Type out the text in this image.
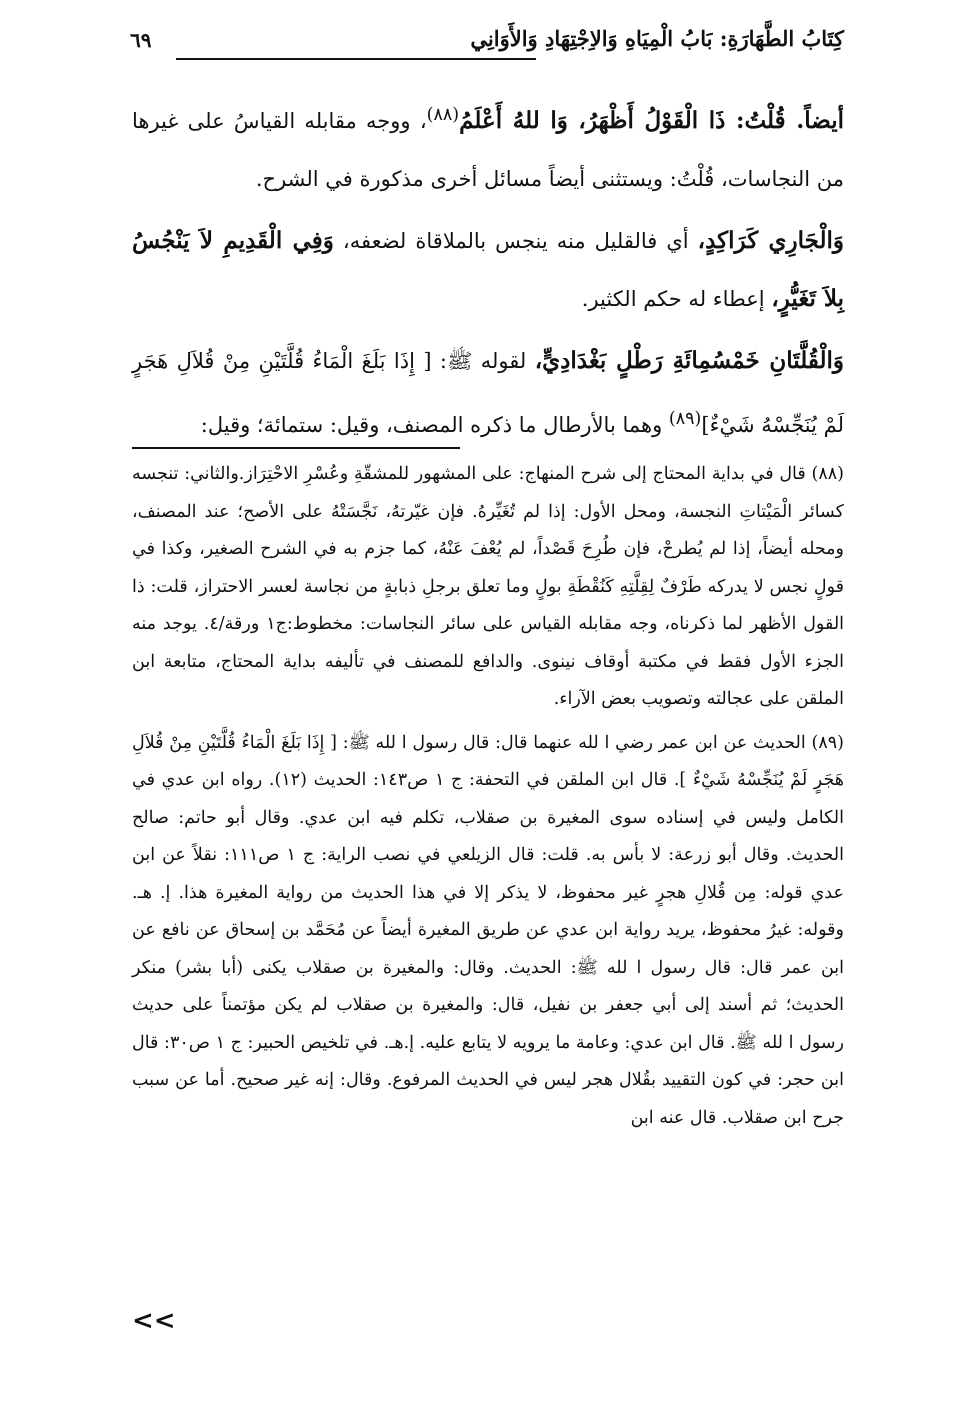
كِتَابُ الطَّهَارَةِ: بَابُ الْمِيَاهِ وَالاِجْتِهَادِ وَالأَوَانِي
٦٩

أيضاً. قُلْتُ: ذَا الْقَوْلُ أَظْهَرُ، وَا للهُ أَعْلَمُ$^{(٨٨)}$، ووجه مقابله القياسُ على غيرها من النجاسات، قُلْتُ: ويستثنى أيضاً مسائل أخرى مذكورة في الشرح.

وَالْجَارِي كَرَاكِدٍ، أي فالقليل منه ينجس بالملاقاة لضعفه، وَفِي الْقَدِيمِ لاَ يَنْجُسُ بِلاَ تَغَيُّرٍ، إعطاء له حكم الكثير.

وَالْقُلَّتَانِ خَمْسُمِائَةِ رَطْلٍ بَغْدَادِيٍّ، لقوله ﷺ: [ إِذَا بَلَغَ الْمَاءُ قُلَّتَيْنِ مِنْ قُلاَلِ هَجَرٍ لَمْ يُنَجِّسْهُ شَيْءٌ]$^{(٨٩)}$ وهما بالأرطال ما ذكره المصنف، وقيل: ستمائة؛ وقيل:

(٨٨) قال في بداية المحتاج إلى شرح المنهاج: على المشهور للمشقّةِ وعُسْرِ الاحْتِرَاز.والثاني: تنجسه كسائر الْمَيْتاتِ النجسة، ومحل الأول: إذا لم تُغَيِّرهُ. فإن غيّرتهُ، نَجَّسَتْهُ على الأصح؛ عند المصنف، ومحله أيضاً، إذا لم يُطرحْ، فإن طُرِحَ قَصْداً، لم يُعْفَ عَنْهُ، كما جزم به في الشرح الصغير، وكذا في قولٍ نجس لا يدركه طَرْفٌ لِقِلَّتِهِ كَنُقْطَةِ بولٍ وما تعلق برجلِ ذبابةٍ من نجاسة لعسر الاحتراز، قلت: ذا القول الأظهر لما ذكرناه، وجه مقابله القياس على سائر النجاسات: مخطوط:ج١ ورقة/٤. يوجد منه الجزء الأول فقط في مكتبة أوقاف نينوى. والدافع للمصنف في تأليفه بداية المحتاج، متابعة ابن الملقن على عجالته وتصويب بعض الآراء.

(٨٩) الحديث عن ابن عمر رضي ا لله عنهما قال: قال رسول ا لله ﷺ: [ إِذَا بَلَغَ الْمَاءُ قُلَّتَيْنِ مِنْ قُلاَلِ هَجَرٍ لَمْ يُنَجِّسْهُ شَيْءٌ ]. قال ابن الملقن في التحفة: ج ١ ص١٤٣: الحديث (١٢). رواه ابن عدي في الكامل وليس في إسناده سوى المغيرة بن صقلاب، تكلم فيه ابن عدي. وقال أبو حاتم: صالح الحديث. وقال أبو زرعة: لا بأس به. قلت: قال الزيلعي في نصب الراية: ج ١ ص١١١: نقلاً عن ابن عدي قوله: مِن قُلالِ هجرٍ غير محفوظ، لا يذكر إلا في هذا الحديث من رواية المغيرة هذا. إ. هـ. وقوله: غيرُ محفوظ، يريد رواية ابن عدي عن طريق المغيرة أيضاً عن مُحَمَّد بن إسحاق عن نافع عن ابن عمر قال: قال رسول ا لله ﷺ: الحديث. وقال: والمغيرة بن صقلاب يكنى (أبا بشر) منكر الحديث؛ ثم أسند إلى أبي جعفر بن نفيل، قال: والمغيرة بن صقلاب لم يكن مؤتمناً على حديث رسول ا لله ﷺ. قال ابن عدي: وعامة ما يرويه لا يتابع عليه. إ.هـ. في تلخيص الحبير: ج ١ ص٣٠: قال ابن حجر: في كون التقييد بقُلال هجر ليس في الحديث المرفوع. وقال: إنه غير صحيح. أما عن سبب جرح ابن صقلاب. قال عنه ابن

<<
